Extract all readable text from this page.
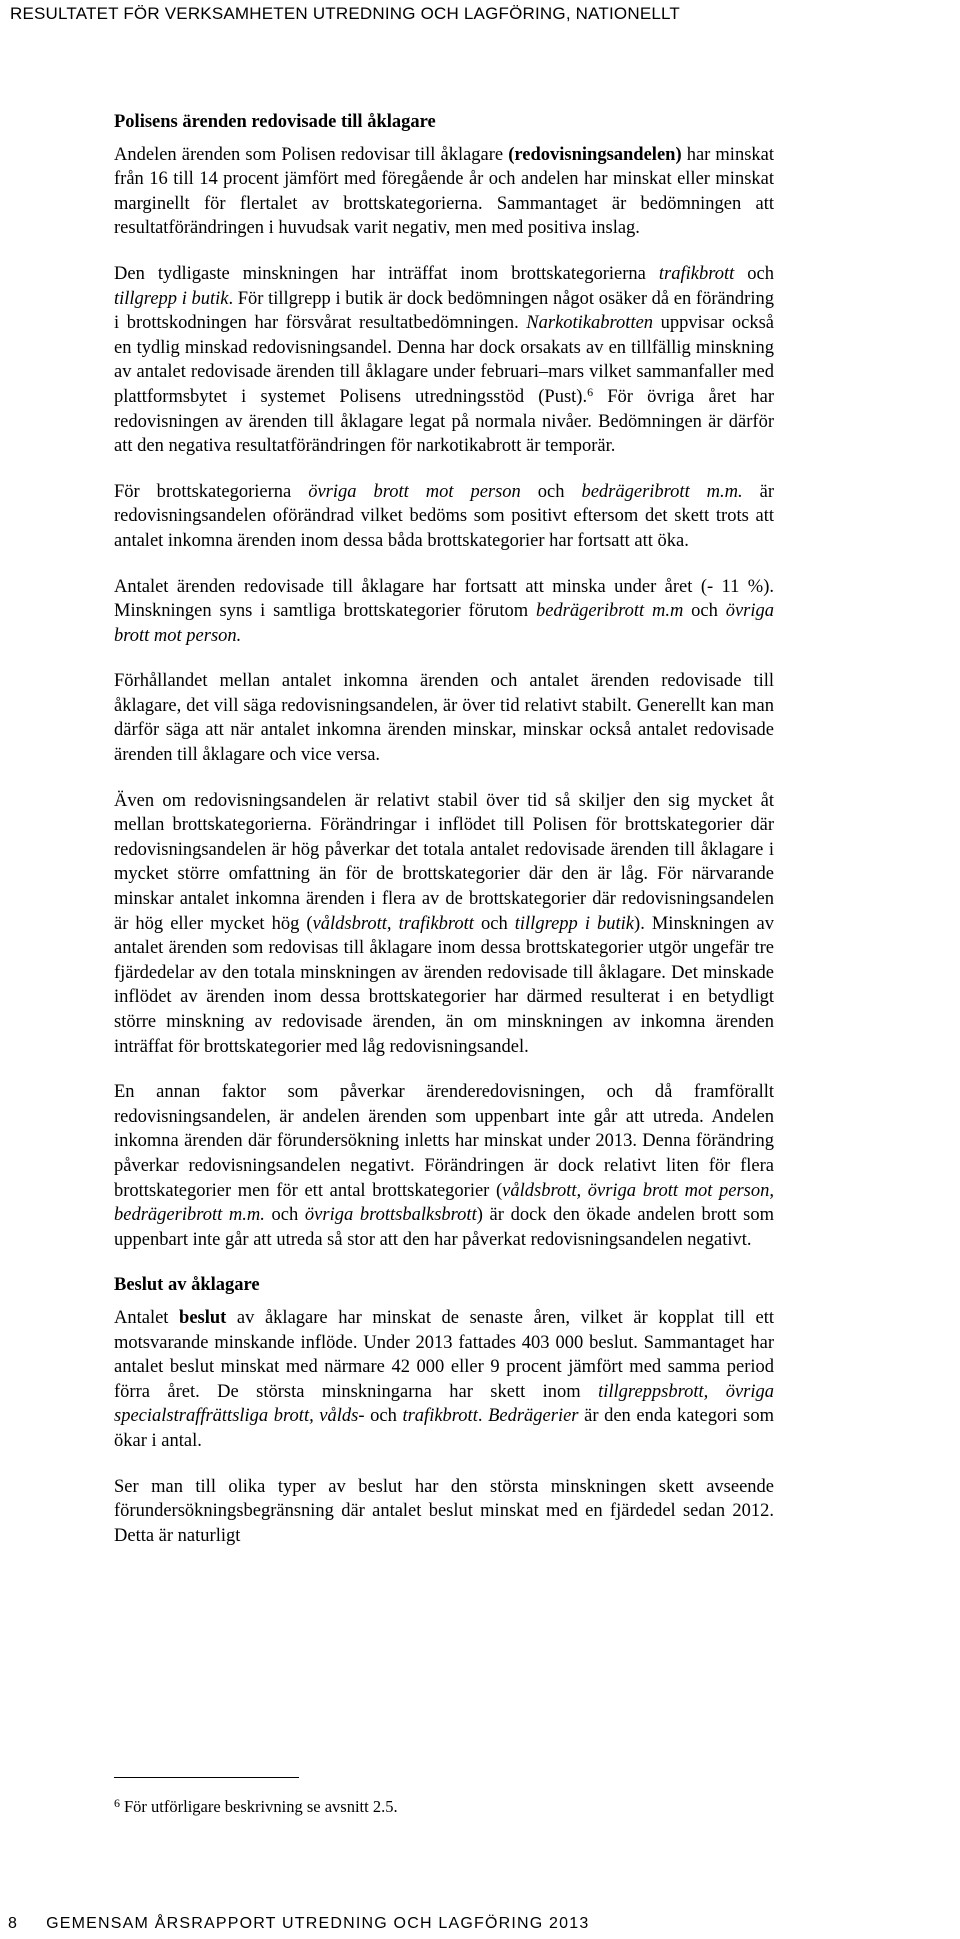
RESULTATET FÖR VERKSAMHETEN UTREDNING OCH LAGFÖRING, NATIONELLT
Polisens ärenden redovisade till åklagare

Andelen ärenden som Polisen redovisar till åklagare (redovisningsandelen) har minskat från 16 till 14 procent jämfört med föregående år och andelen har minskat eller minskat marginellt för flertalet av brottskategorierna. Sammantaget är bedömningen att resultatförändringen i huvudsak varit negativ, men med positiva inslag.

Den tydligaste minskningen har inträffat inom brottskategorierna trafikbrott och tillgrepp i butik. För tillgrepp i butik är dock bedömningen något osäker då en förändring i brottskodningen har försvårat resultatbedömningen. Narkotikabrotten uppvisar också en tydlig minskad redovisningsandel. Denna har dock orsakats av en tillfällig minskning av antalet redovisade ärenden till åklagare under februari–mars vilket sammanfaller med plattformsbytet i systemet Polisens utredningsstöd (Pust).$^6$ För övriga året har redovisningen av ärenden till åklagare legat på normala nivåer. Bedömningen är därför att den negativa resultatförändringen för narkotikabrott är temporär.

För brottskategorierna övriga brott mot person och bedrägeribrott m.m. är redovisningsandelen oförändrad vilket bedöms som positivt eftersom det skett trots att antalet inkomna ärenden inom dessa båda brottskategorier har fortsatt att öka.

Antalet ärenden redovisade till åklagare har fortsatt att minska under året (- 11 %). Minskningen syns i samtliga brottskategorier förutom bedrägeribrott m.m och övriga brott mot person.

Förhållandet mellan antalet inkomna ärenden och antalet ärenden redovisade till åklagare, det vill säga redovisningsandelen, är över tid relativt stabilt. Generellt kan man därför säga att när antalet inkomna ärenden minskar, minskar också antalet redovisade ärenden till åklagare och vice versa.

Även om redovisningsandelen är relativt stabil över tid så skiljer den sig mycket åt mellan brottskategorierna. Förändringar i inflödet till Polisen för brottskategorier där redovisningsandelen är hög påverkar det totala antalet redovisade ärenden till åklagare i mycket större omfattning än för de brottskategorier där den är låg. För närvarande minskar antalet inkomna ärenden i flera av de brottskategorier där redovisningsandelen är hög eller mycket hög (våldsbrott, trafikbrott och tillgrepp i butik). Minskningen av antalet ärenden som redovisas till åklagare inom dessa brottskategorier utgör ungefär tre fjärdedelar av den totala minskningen av ärenden redovisade till åklagare. Det minskade inflödet av ärenden inom dessa brottskategorier har därmed resulterat i en betydligt större minskning av redovisade ärenden, än om minskningen av inkomna ärenden inträffat för brottskategorier med låg redovisningsandel.

En annan faktor som påverkar ärenderedovisningen, och då framförallt redovisningsandelen, är andelen ärenden som uppenbart inte går att utreda. Andelen inkomna ärenden där förundersökning inletts har minskat under 2013. Denna förändring påverkar redovisningsandelen negativt. Förändringen är dock relativt liten för flera brottskategorier men för ett antal brottskategorier (våldsbrott, övriga brott mot person, bedrägeribrott m.m. och övriga brottsbalksbrott) är dock den ökade andelen brott som uppenbart inte går att utreda så stor att den har påverkat redovisningsandelen negativt.

Beslut av åklagare

Antalet beslut av åklagare har minskat de senaste åren, vilket är kopplat till ett motsvarande minskande inflöde. Under 2013 fattades 403 000 beslut. Sammantaget har antalet beslut minskat med närmare 42 000 eller 9 procent jämfört med samma period förra året. De största minskningarna har skett inom tillgreppsbrott, övriga specialstraffrättsliga brott, vålds- och trafikbrott. Bedrägerier är den enda kategori som ökar i antal.

Ser man till olika typer av beslut har den största minskningen skett avseende förundersökningsbegränsning där antalet beslut minskat med en fjärdedel sedan 2012. Detta är naturligt

$^6$ För utförligare beskrivning se avsnitt 2.5.
8 GEMENSAM ÅRSRAPPORT UTREDNING OCH LAGFÖRING 2013
